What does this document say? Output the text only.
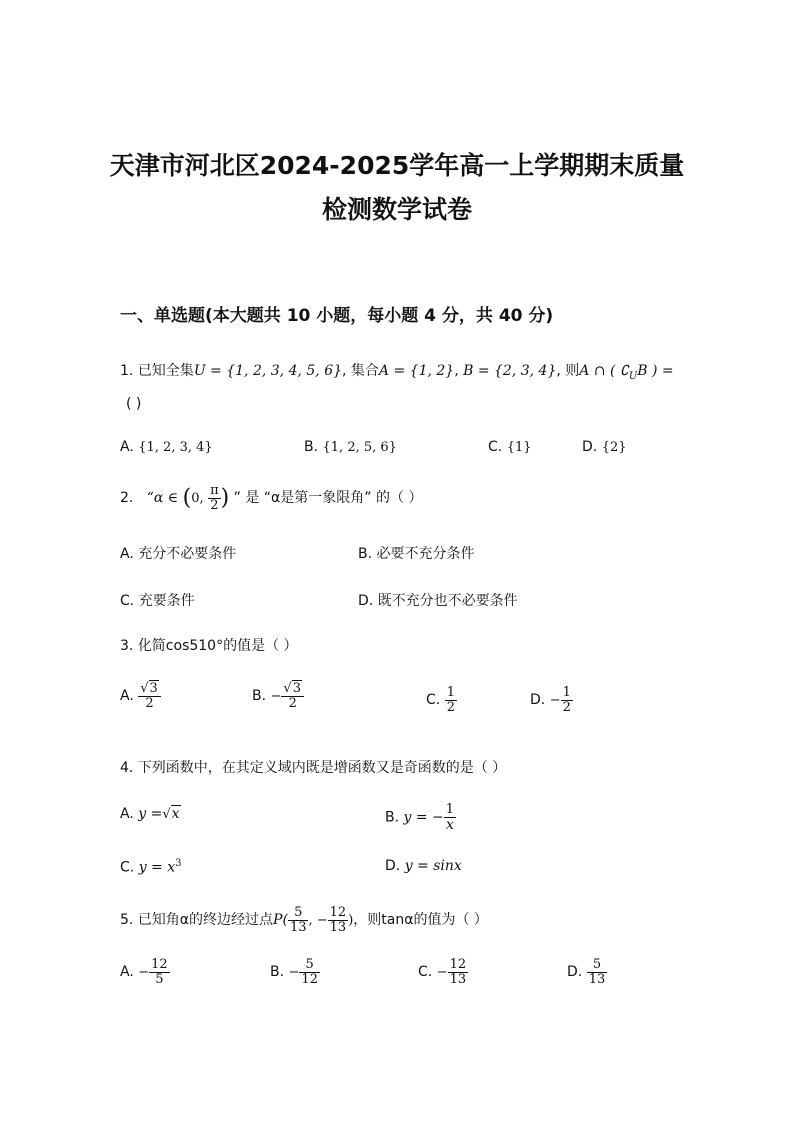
天津市河北区2024-2025学年高一上学期期末质量
检测数学试卷
一、单选题(本大题共 10 小题，每小题 4 分，共 40 分)
1. 已知全集U = {1, 2, 3, 4, 5, 6}, 集合A = {1, 2}, B = {2, 3, 4}, 则A ∩ ( $∁_UB$ ) =
( )
A. {1, 2, 3, 4}	B. {1, 2, 5, 6}	C. {1}	D. {2}
2. “α ∈ (0, $\frac{\pi}{2}$ ) ” 是 “α是第一象限角” 的（ ）
A. 充分不必要条件	B. 必要不充分条件
C. 充要条件	D. 既不充分也不必要条件
3. 化简cos510°的值是（ ）
A. $\frac{√3}{2}$	B. − $\frac{√3}{2}$	C. $\frac{1}{2}$	D. − $\frac{1}{2}$
4. 下列函数中，在其定义域内既是增函数又是奇函数的是（ ）
A. y =√x	B. y = − $\frac{1}{x}$
C. $y = x^3$	D. y = sinx
5. 已知角α的终边经过点$P( \frac{5}{13}$ , − $\frac{12}{13}$ )，则tanα的值为（ ）
A. − $\frac{12}{5}$	B. − $\frac{5}{12}$	C. − $\frac{12}{13}$	D. $\frac{5}{13}$
